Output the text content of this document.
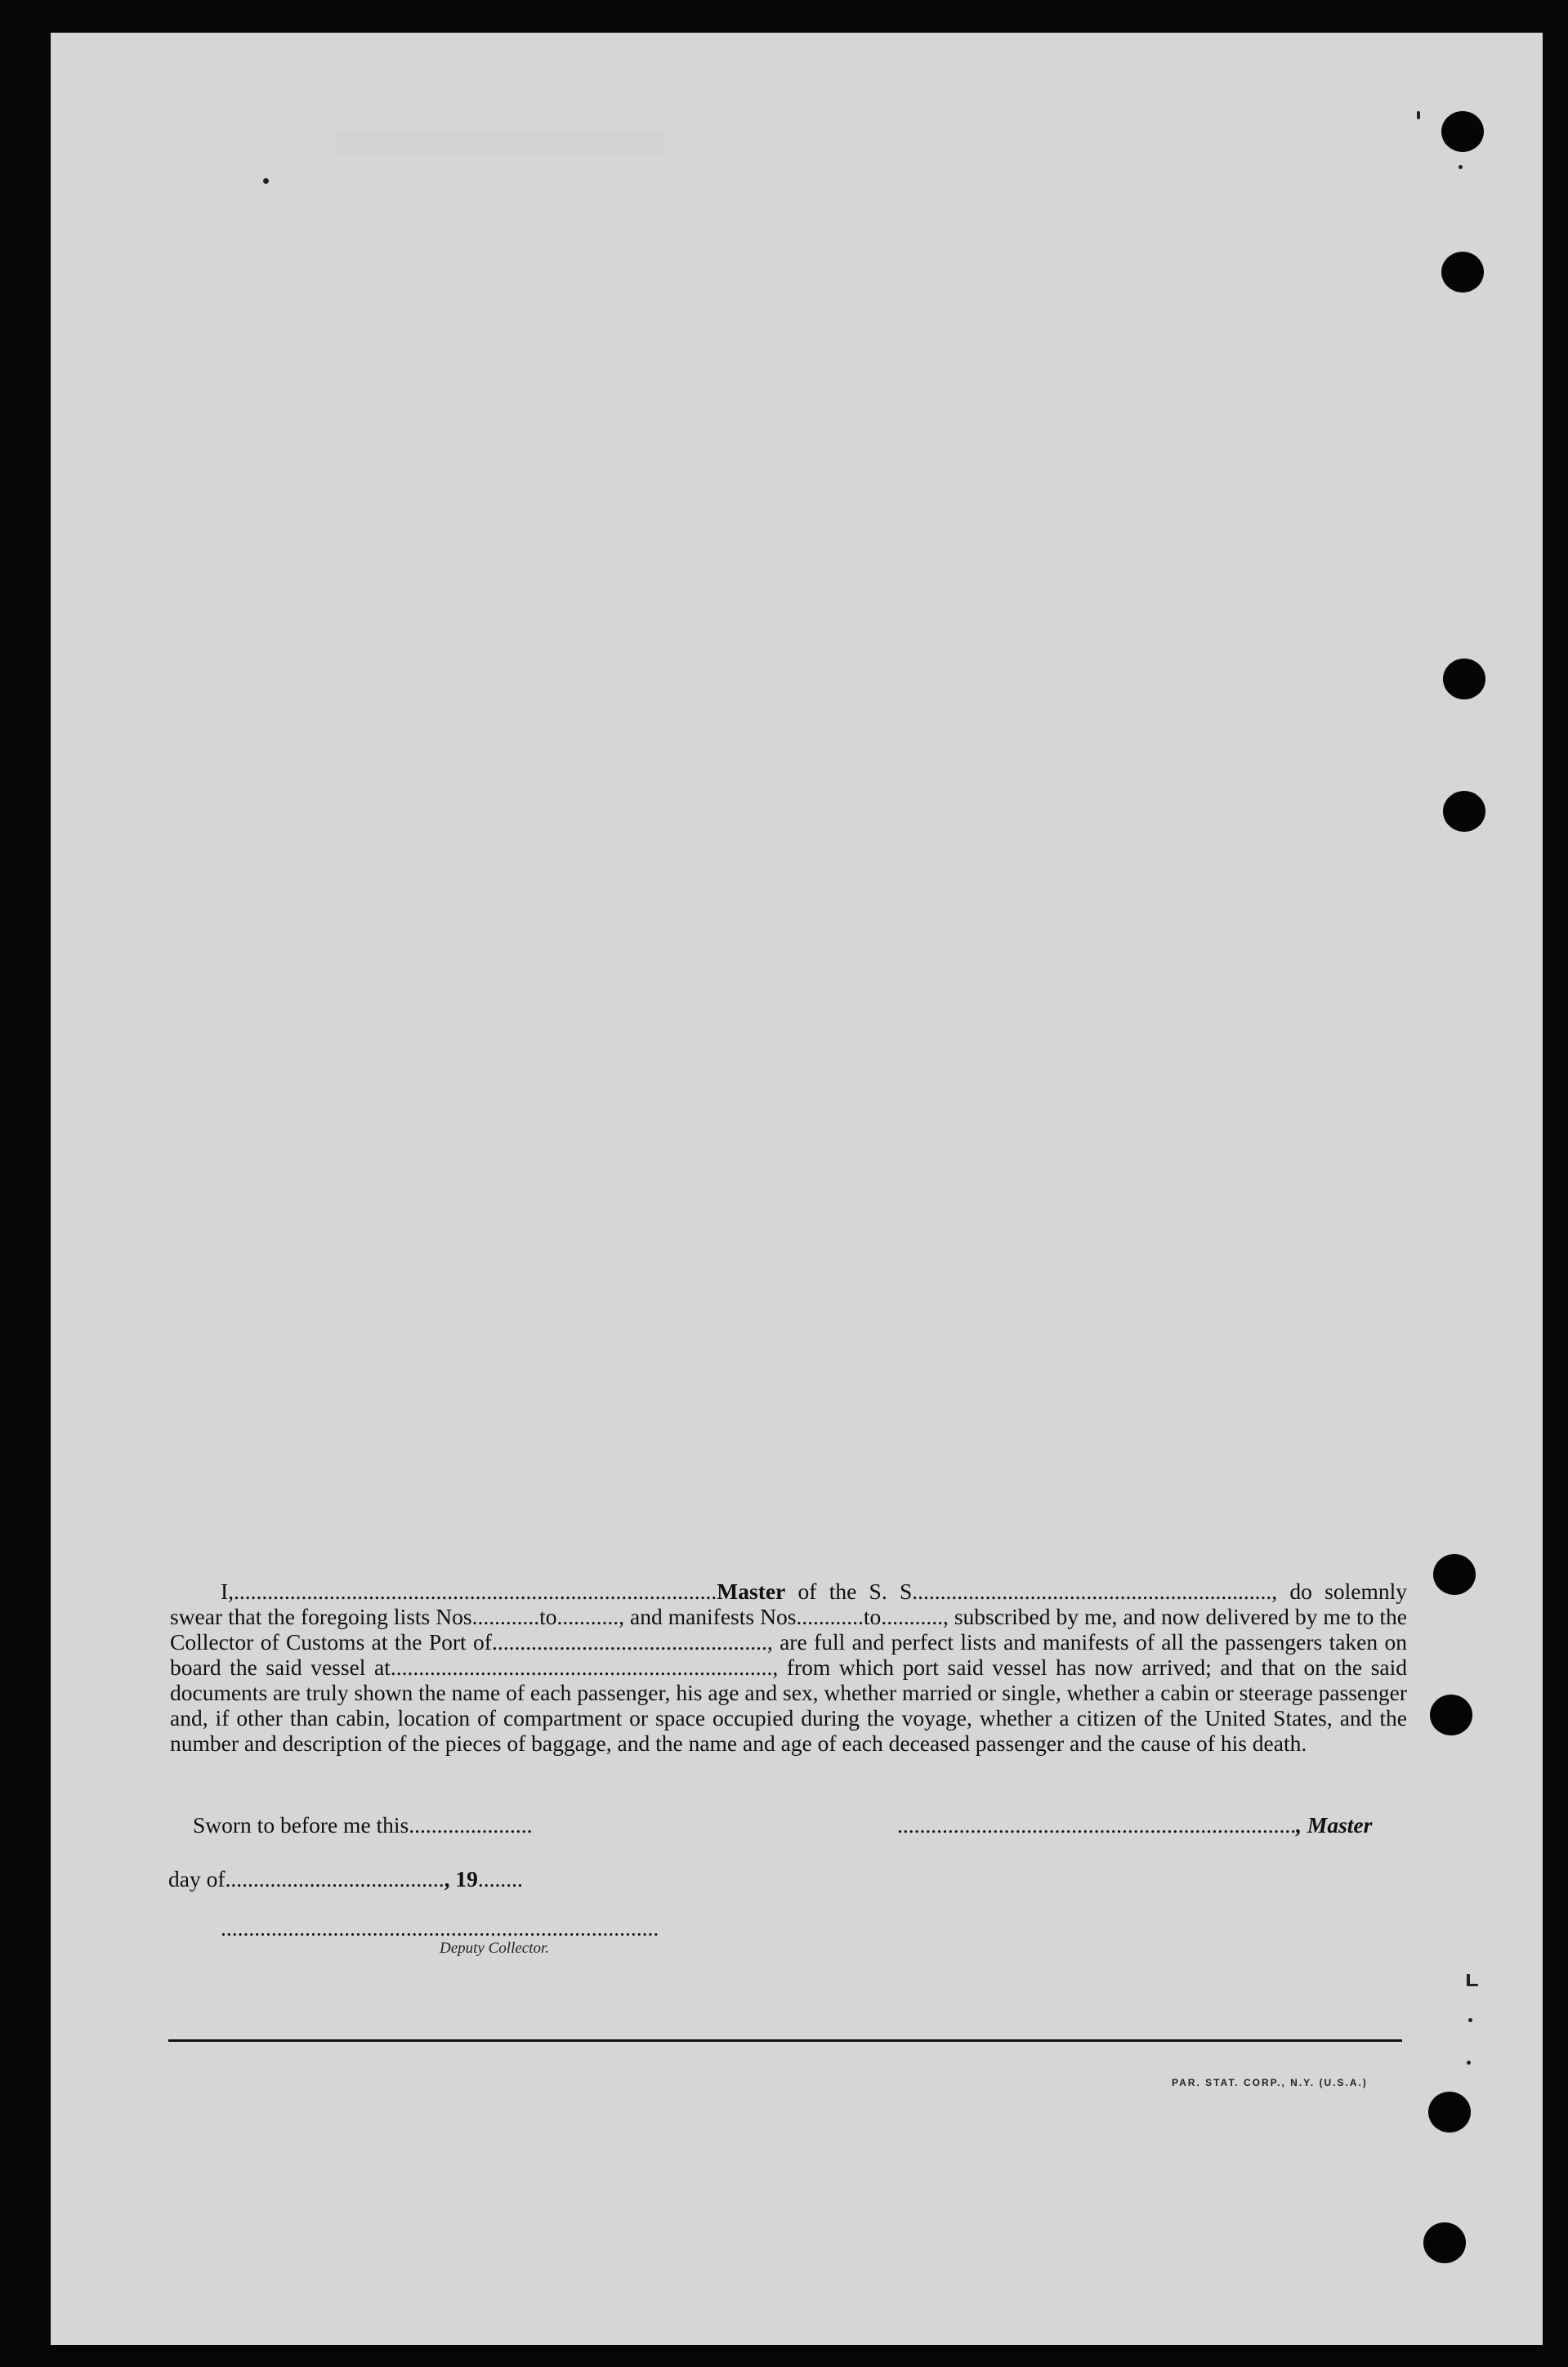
I,......................................................................................Master of the S. S................................................................, do solemnly swear that the foregoing lists Nos............to..........., and manifests Nos............to..........., subscribed by me, and now delivered by me to the Collector of Customs at the Port of................................................., are full and perfect lists and manifests of all the passengers taken on board the said vessel at...................................................................., from which port said vessel has now arrived; and that on the said documents are truly shown the name of each passenger, his age and sex, whether married or single, whether a cabin or steerage passenger and, if other than cabin, location of compartment or space occupied during the voyage, whether a citizen of the United States, and the number and description of the pieces of baggage, and the name and age of each deceased passenger and the cause of his death.
Sworn to before me this......................	......................................................................., Master
day of......................................., 19........
..............................................................................
Deputy Collector.
PAR. STAT. CORP., N.Y. (U.S.A.)
